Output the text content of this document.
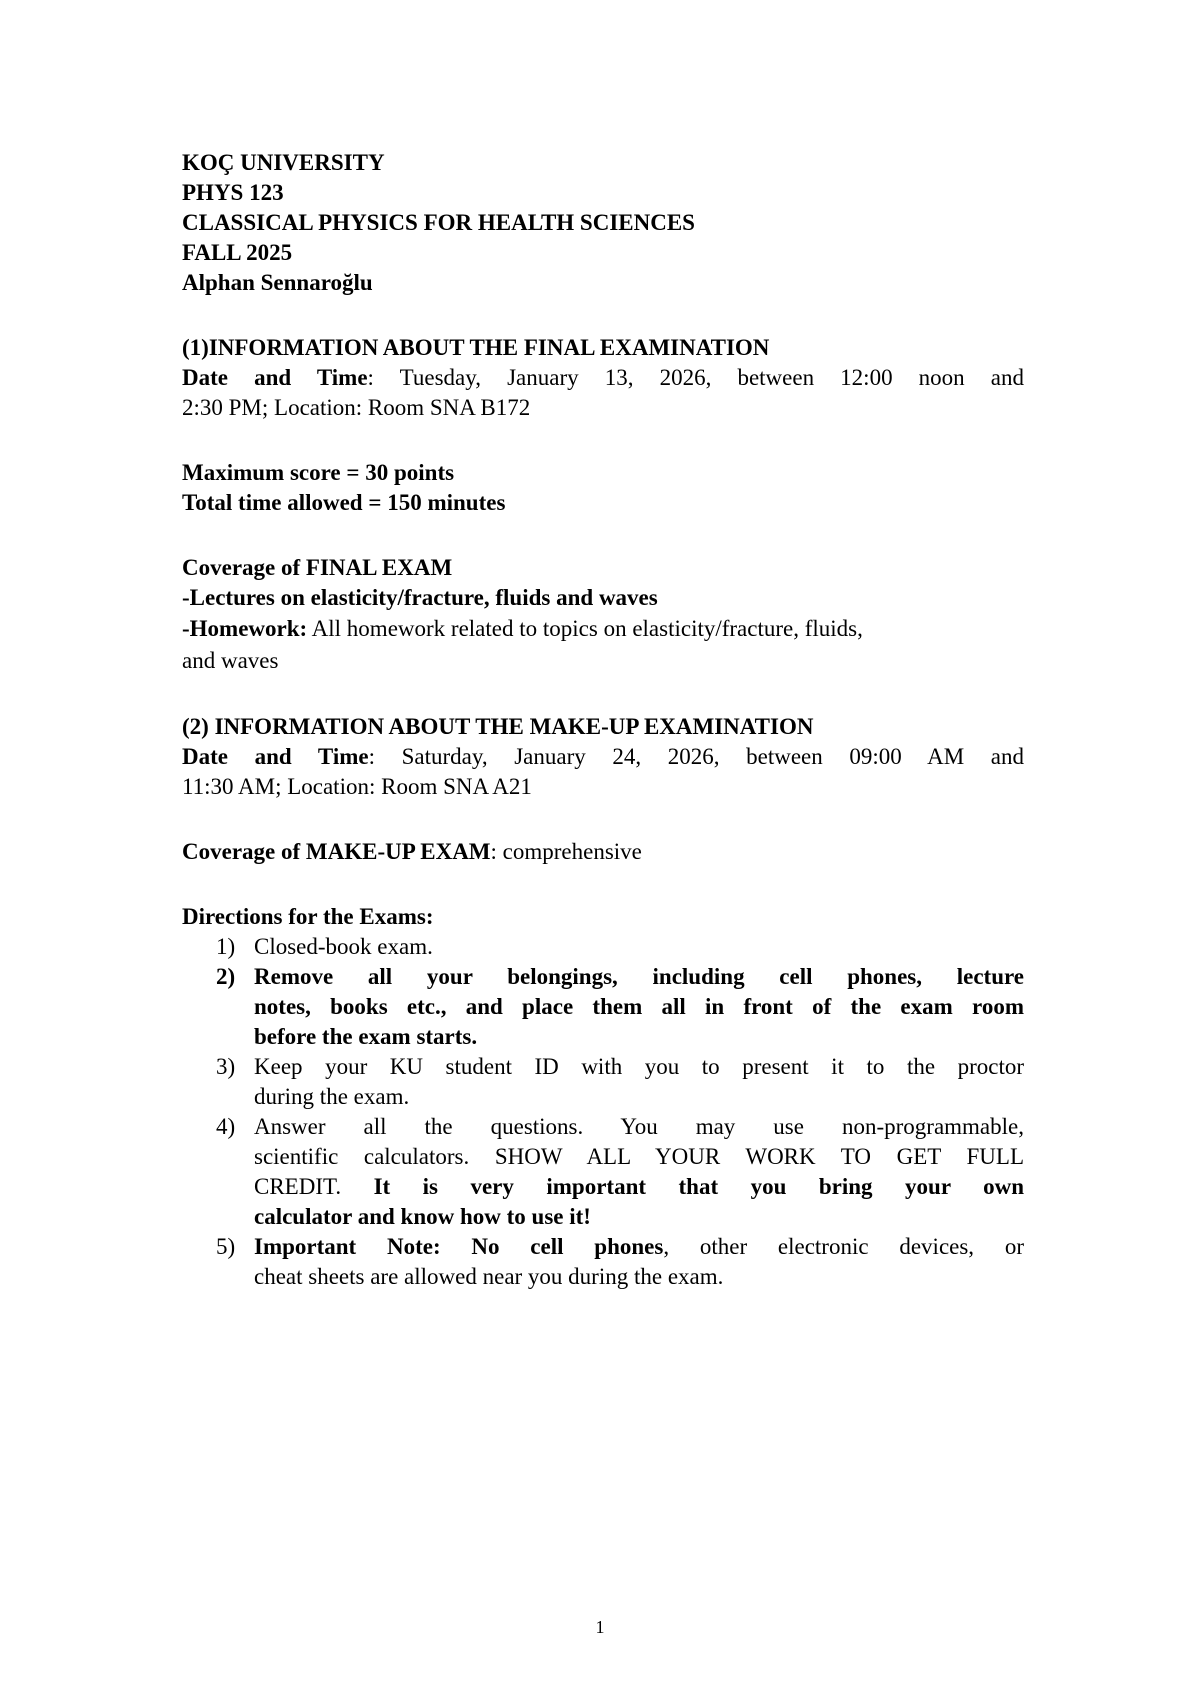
KOÇ UNIVERSITY
PHYS 123
CLASSICAL PHYSICS FOR HEALTH SCIENCES
FALL 2025
Alphan Sennaroğlu
(1)INFORMATION ABOUT THE FINAL EXAMINATION
Date and Time: Tuesday, January 13, 2026, between 12:00 noon and
2:30 PM; Location: Room SNA B172
Maximum score = 30 points
Total time allowed = 150 minutes
Coverage of FINAL EXAM
-Lectures on elasticity/fracture, fluids and waves
-Homework: All homework related to topics on elasticity/fracture, fluids,
and waves
(2) INFORMATION ABOUT THE MAKE-UP EXAMINATION
Date and Time: Saturday, January 24, 2026, between 09:00 AM and
11:30 AM; Location: Room SNA A21
Coverage of MAKE-UP EXAM: comprehensive
Directions for the Exams:
1) Closed-book exam.
2) Remove all your belongings, including cell phones, lecture
notes, books etc., and place them all in front of the exam room
before the exam starts.
3) Keep your KU student ID with you to present it to the proctor
during the exam.
4) Answer all the questions. You may use non-programmable,
scientific calculators. SHOW ALL YOUR WORK TO GET FULL
CREDIT. It is very important that you bring your own
calculator and know how to use it!
5) Important Note: No cell phones, other electronic devices, or
cheat sheets are allowed near you during the exam.
1
